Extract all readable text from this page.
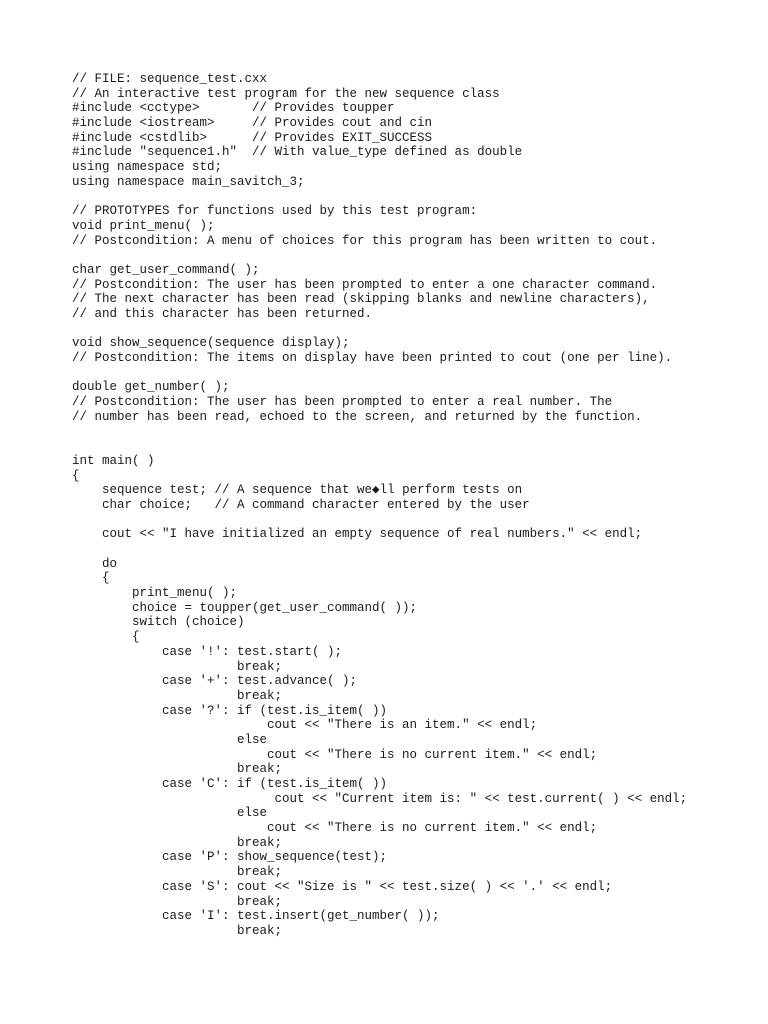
// FILE: sequence_test.cxx
// An interactive test program for the new sequence class
#include <cctype>       // Provides toupper
#include <iostream>     // Provides cout and cin
#include <cstdlib>      // Provides EXIT_SUCCESS
#include "sequence1.h"  // With value_type defined as double
using namespace std;
using namespace main_savitch_3;
// PROTOTYPES for functions used by this test program:
void print_menu( );
// Postcondition: A menu of choices for this program has been written to cout.
char get_user_command( );
// Postcondition: The user has been prompted to enter a one character command.
// The next character has been read (skipping blanks and newline characters),
// and this character has been returned.
void show_sequence(sequence display);
// Postcondition: The items on display have been printed to cout (one per line).
double get_number( );
// Postcondition: The user has been prompted to enter a real number. The
// number has been read, echoed to the screen, and returned by the function.
int main( )
{
sequence test; // A sequence that we◆ll perform tests on
char choice;   // A command character entered by the user
cout << "I have initialized an empty sequence of real numbers." << endl;
do
{
print_menu( );
choice = toupper(get_user_command( ));
switch (choice)
{
case '!': test.start( );
break;
case '+': test.advance( );
break;
case '?': if (test.is_item( ))
cout << "There is an item." << endl;
else
cout << "There is no current item." << endl;
break;
case 'C': if (test.is_item( ))
cout << "Current item is: " << test.current( ) << endl;
else
cout << "There is no current item." << endl;
break;
case 'P': show_sequence(test);
break;
case 'S': cout << "Size is " << test.size( ) << '.' << endl;
break;
case 'I': test.insert(get_number( ));
break;
